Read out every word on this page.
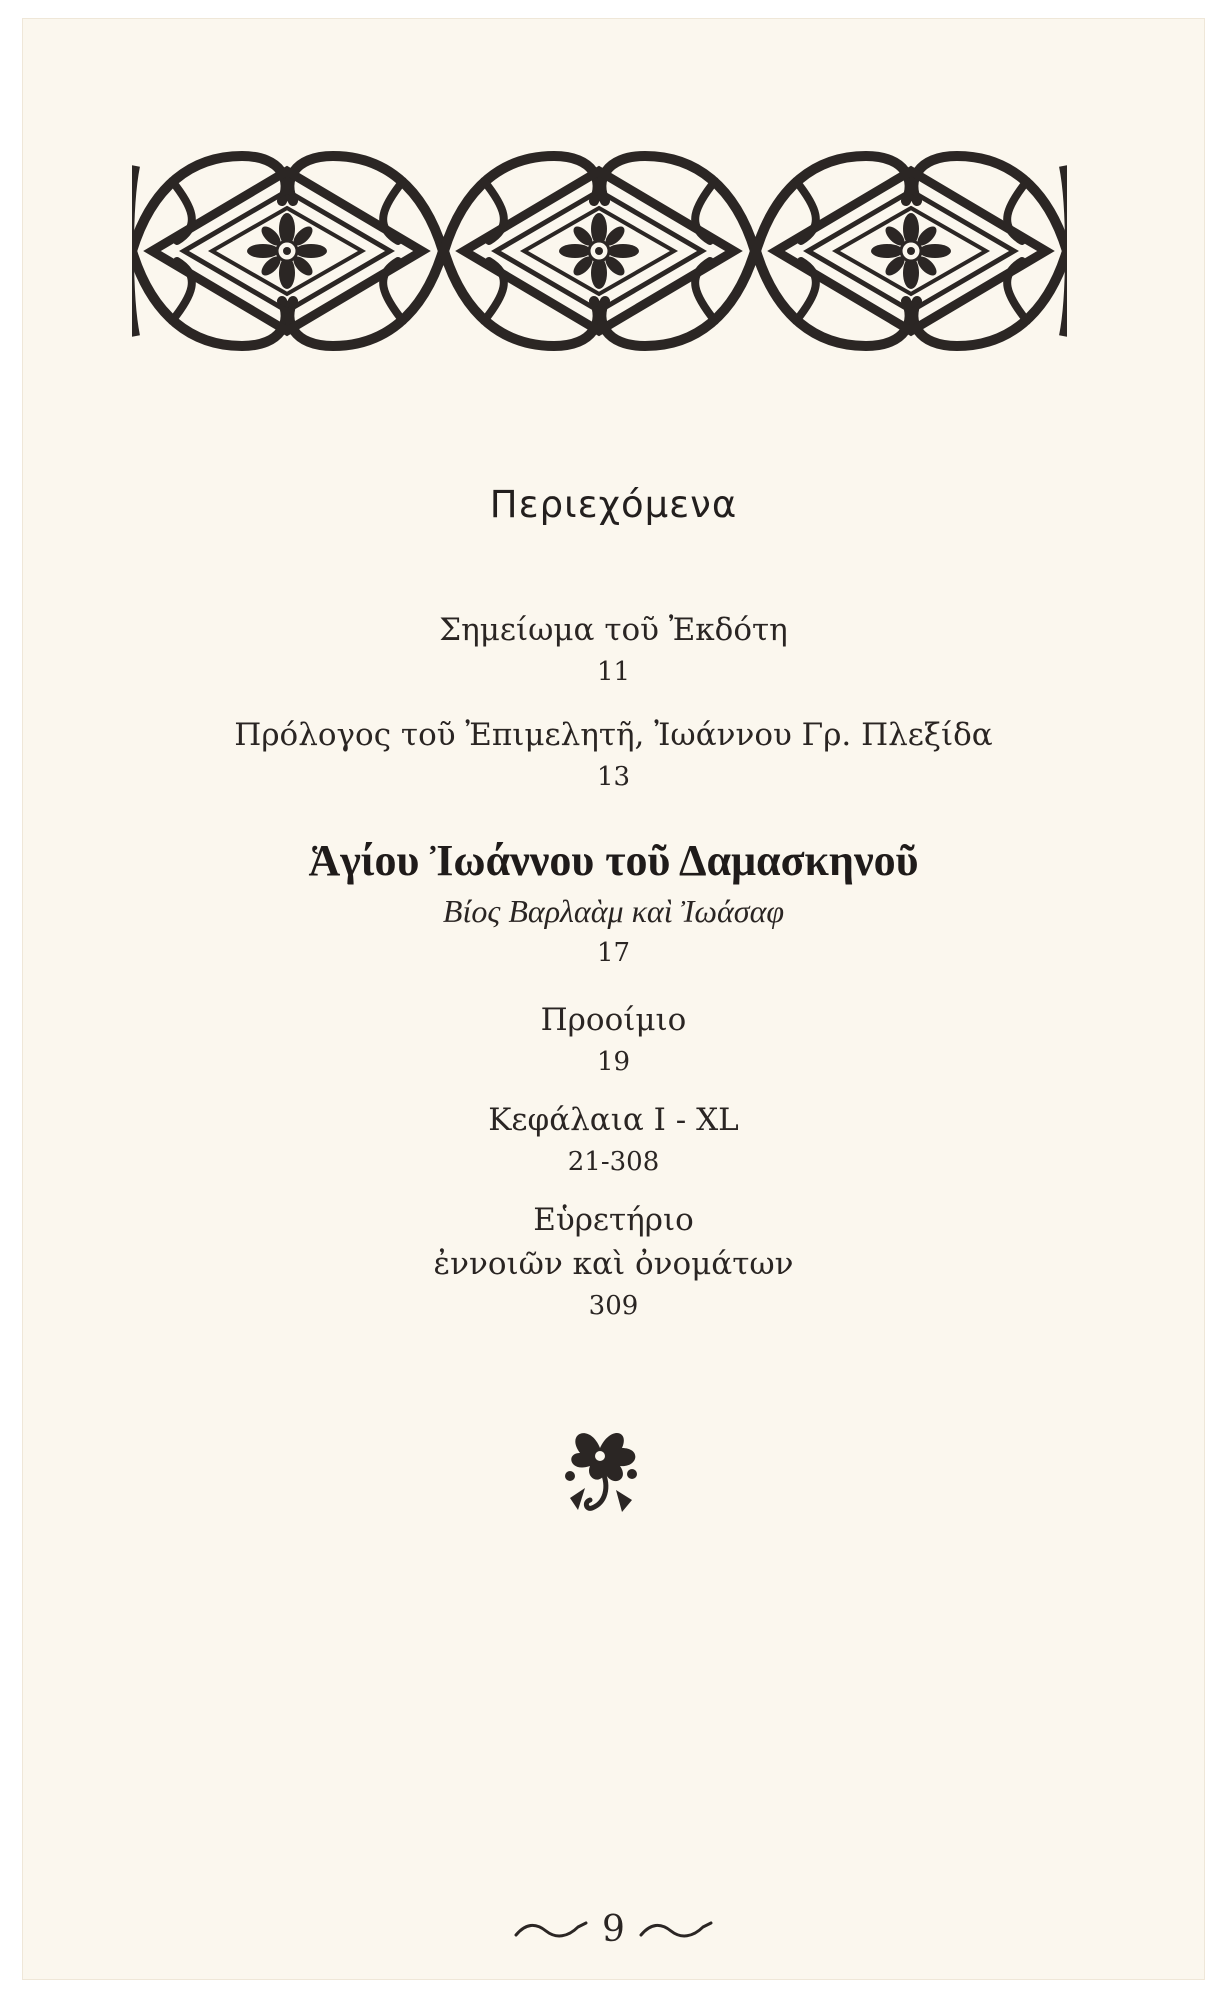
Περιεχόμενα
Σημείωμα τοῦ Ἐκδότη
11
Πρόλογος τοῦ Ἐπιμελητῆ, Ἰωάννου Γρ. Πλεξίδα
13
Ἁγίου Ἰωάννου τοῦ Δαμασκηνοῦ
Βίος Βαρλαὰμ καὶ Ἰωάσαφ
17
Προοίμιο
19
Κεφάλαια I - XL
21-308
Εὑρετήριο
ἐννοιῶν καὶ ὀνομάτων
309
9
